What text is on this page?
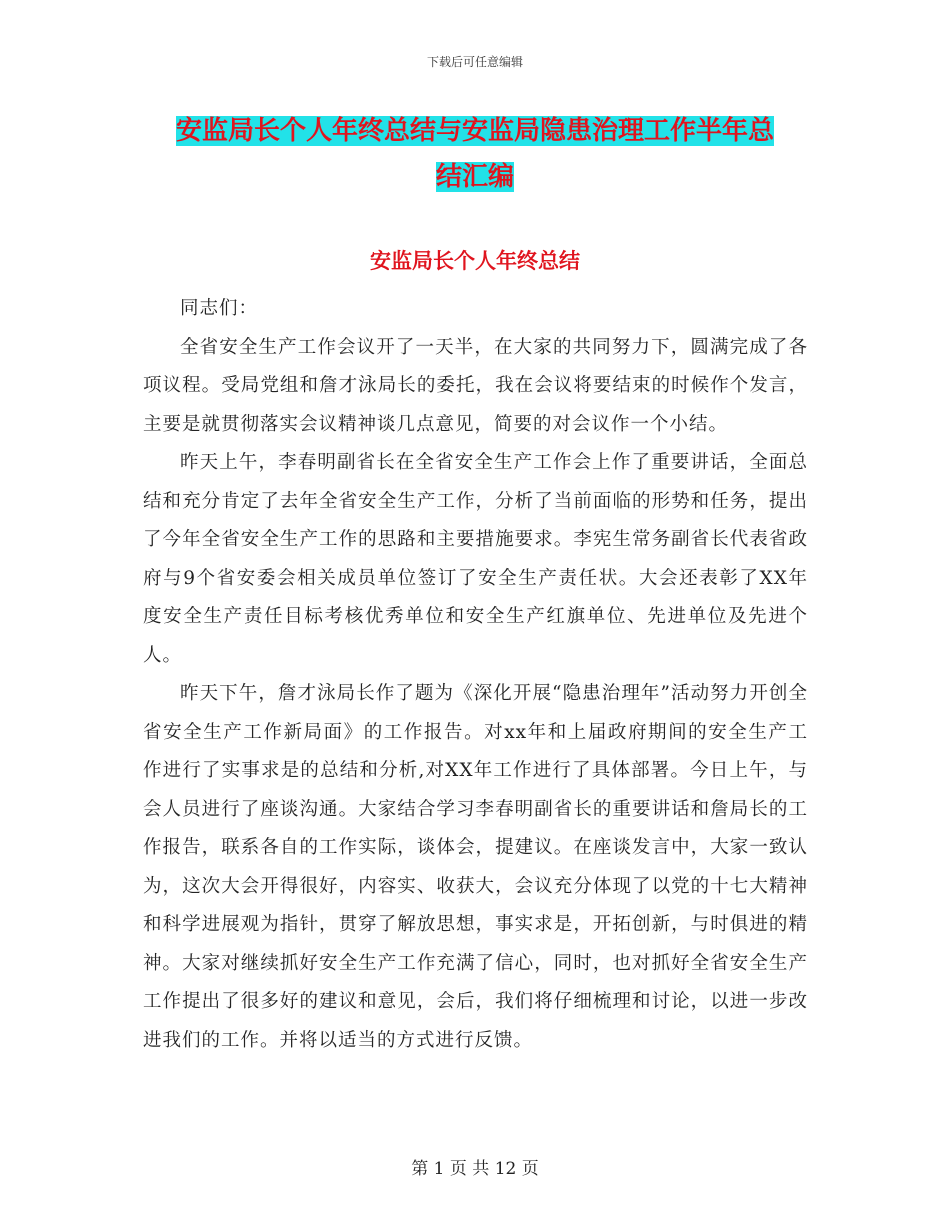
下载后可任意编辑
安监局长个人年终总结与安监局隐患治理工作半年总
结汇编
安监局长个人年终总结

同志们：

全省安全生产工作会议开了一天半，在大家的共同努力下，圆满完成了各项议程。受局党组和詹才泳局长的委托，我在会议将要结束的时候作个发言，主要是就贯彻落实会议精神谈几点意见，简要的对会议作一个小结。

昨天上午，李春明副省长在全省安全生产工作会上作了重要讲话，全面总结和充分肯定了去年全省安全生产工作，分析了当前面临的形势和任务，提出了今年全省安全生产工作的思路和主要措施要求。李宪生常务副省长代表省政府与9个省安委会相关成员单位签订了安全生产责任状。大会还表彰了XX年度安全生产责任目标考核优秀单位和安全生产红旗单位、先进单位及先进个人。

昨天下午，詹才泳局长作了题为《深化开展“隐患治理年”活动努力开创全省安全生产工作新局面》的工作报告。对xx年和上届政府期间的安全生产工作进行了实事求是的总结和分析,对XX年工作进行了具体部署。今日上午，与会人员进行了座谈沟通。大家结合学习李春明副省长的重要讲话和詹局长的工作报告，联系各自的工作实际，谈体会，提建议。在座谈发言中，大家一致认为，这次大会开得很好，内容实、收获大，会议充分体现了以党的十七大精神和科学进展观为指针，贯穿了解放思想，事实求是，开拓创新，与时俱进的精神。大家对继续抓好安全生产工作充满了信心，同时，也对抓好全省安全生产工作提出了很多好的建议和意见，会后，我们将仔细梳理和讨论，以进一步改进我们的工作。并将以适当的方式进行反馈。

第 1 页 共 12 页
